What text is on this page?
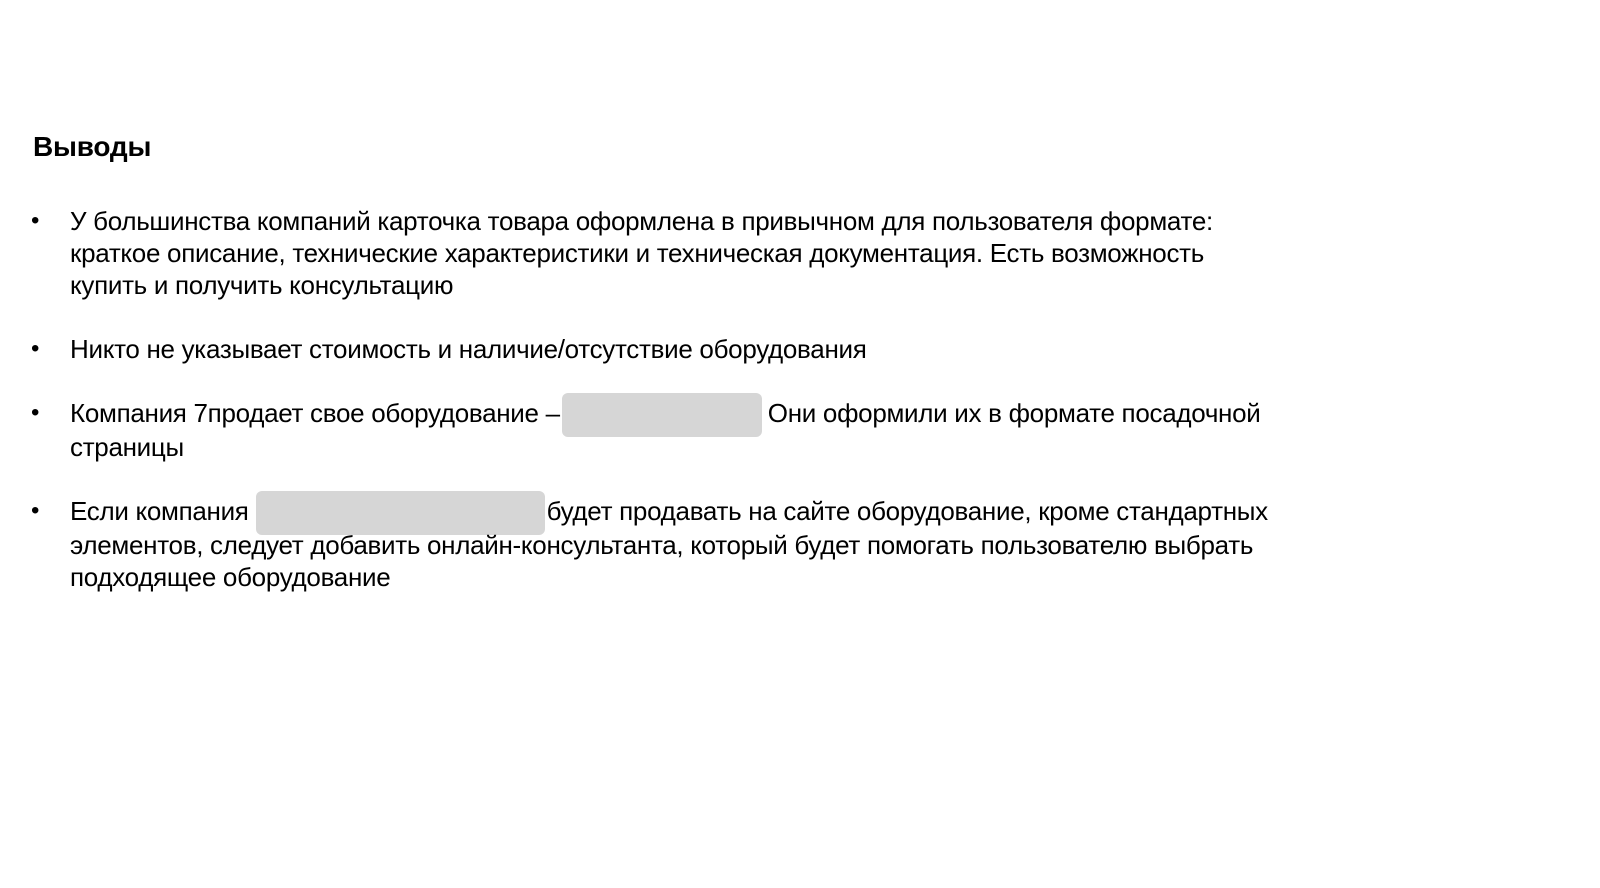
Выводы
• У большинства компаний карточка товара оформлена в привычном для пользователя формате: краткое описание, технические характеристики и техническая документация. Есть возможность купить и получить консультацию
• Никто не указывает стоимость и наличие/отсутствие оборудования
• Компания 7продает свое оборудование –	Они оформили их в формате посадочной страницы
• Если компания	будет продавать на сайте оборудование, кроме стандартных элементов, следует добавить онлайн-консультанта, который будет помогать пользователю выбрать подходящее оборудование
